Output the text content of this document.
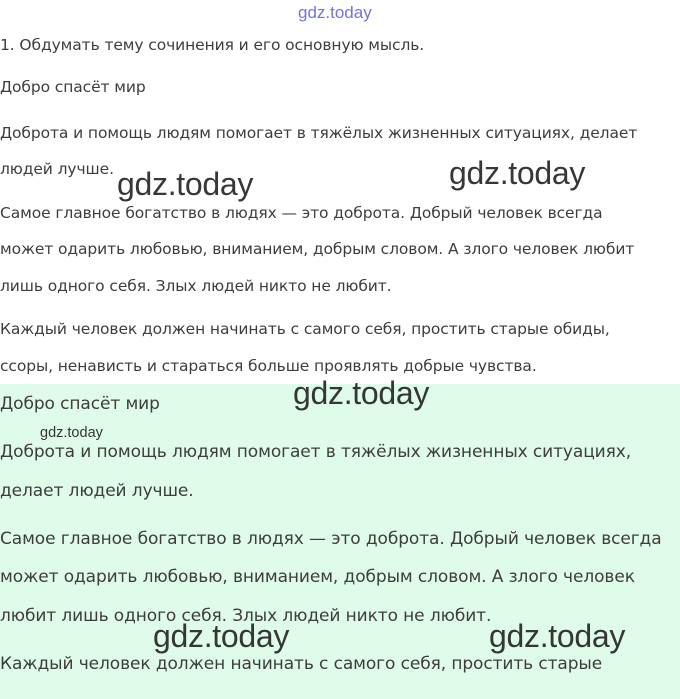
gdz.today

1. Обдумать тему сочинения и его основную мысль.

Добро спасёт мир

Доброта и помощь людям помогает в тяжёлых жизненных ситуациях, делает

людей лучше.

Самое главное богатство в людях — это доброта. Добрый человек всегда

может одарить любовью, вниманием, добрым словом. А злого человек любит

лишь одного себя. Злых людей никто не любит.

Каждый человек должен начинать с самого себя, простить старые обиды,

ссоры, ненависть и стараться больше проявлять добрые чувства.

Добро спасёт мир

Доброта и помощь людям помогает в тяжёлых жизненных ситуациях,

делает людей лучше.

Самое главное богатство в людях — это доброта. Добрый человек всегда

может одарить любовью, вниманием, добрым словом. А злого человек

любит лишь одного себя. Злых людей никто не любит.

Каждый человек должен начинать с самого себя, простить старые

gdz.today	gdz.today
gdz.today
gdz.today
gdz.today	gdz.today
